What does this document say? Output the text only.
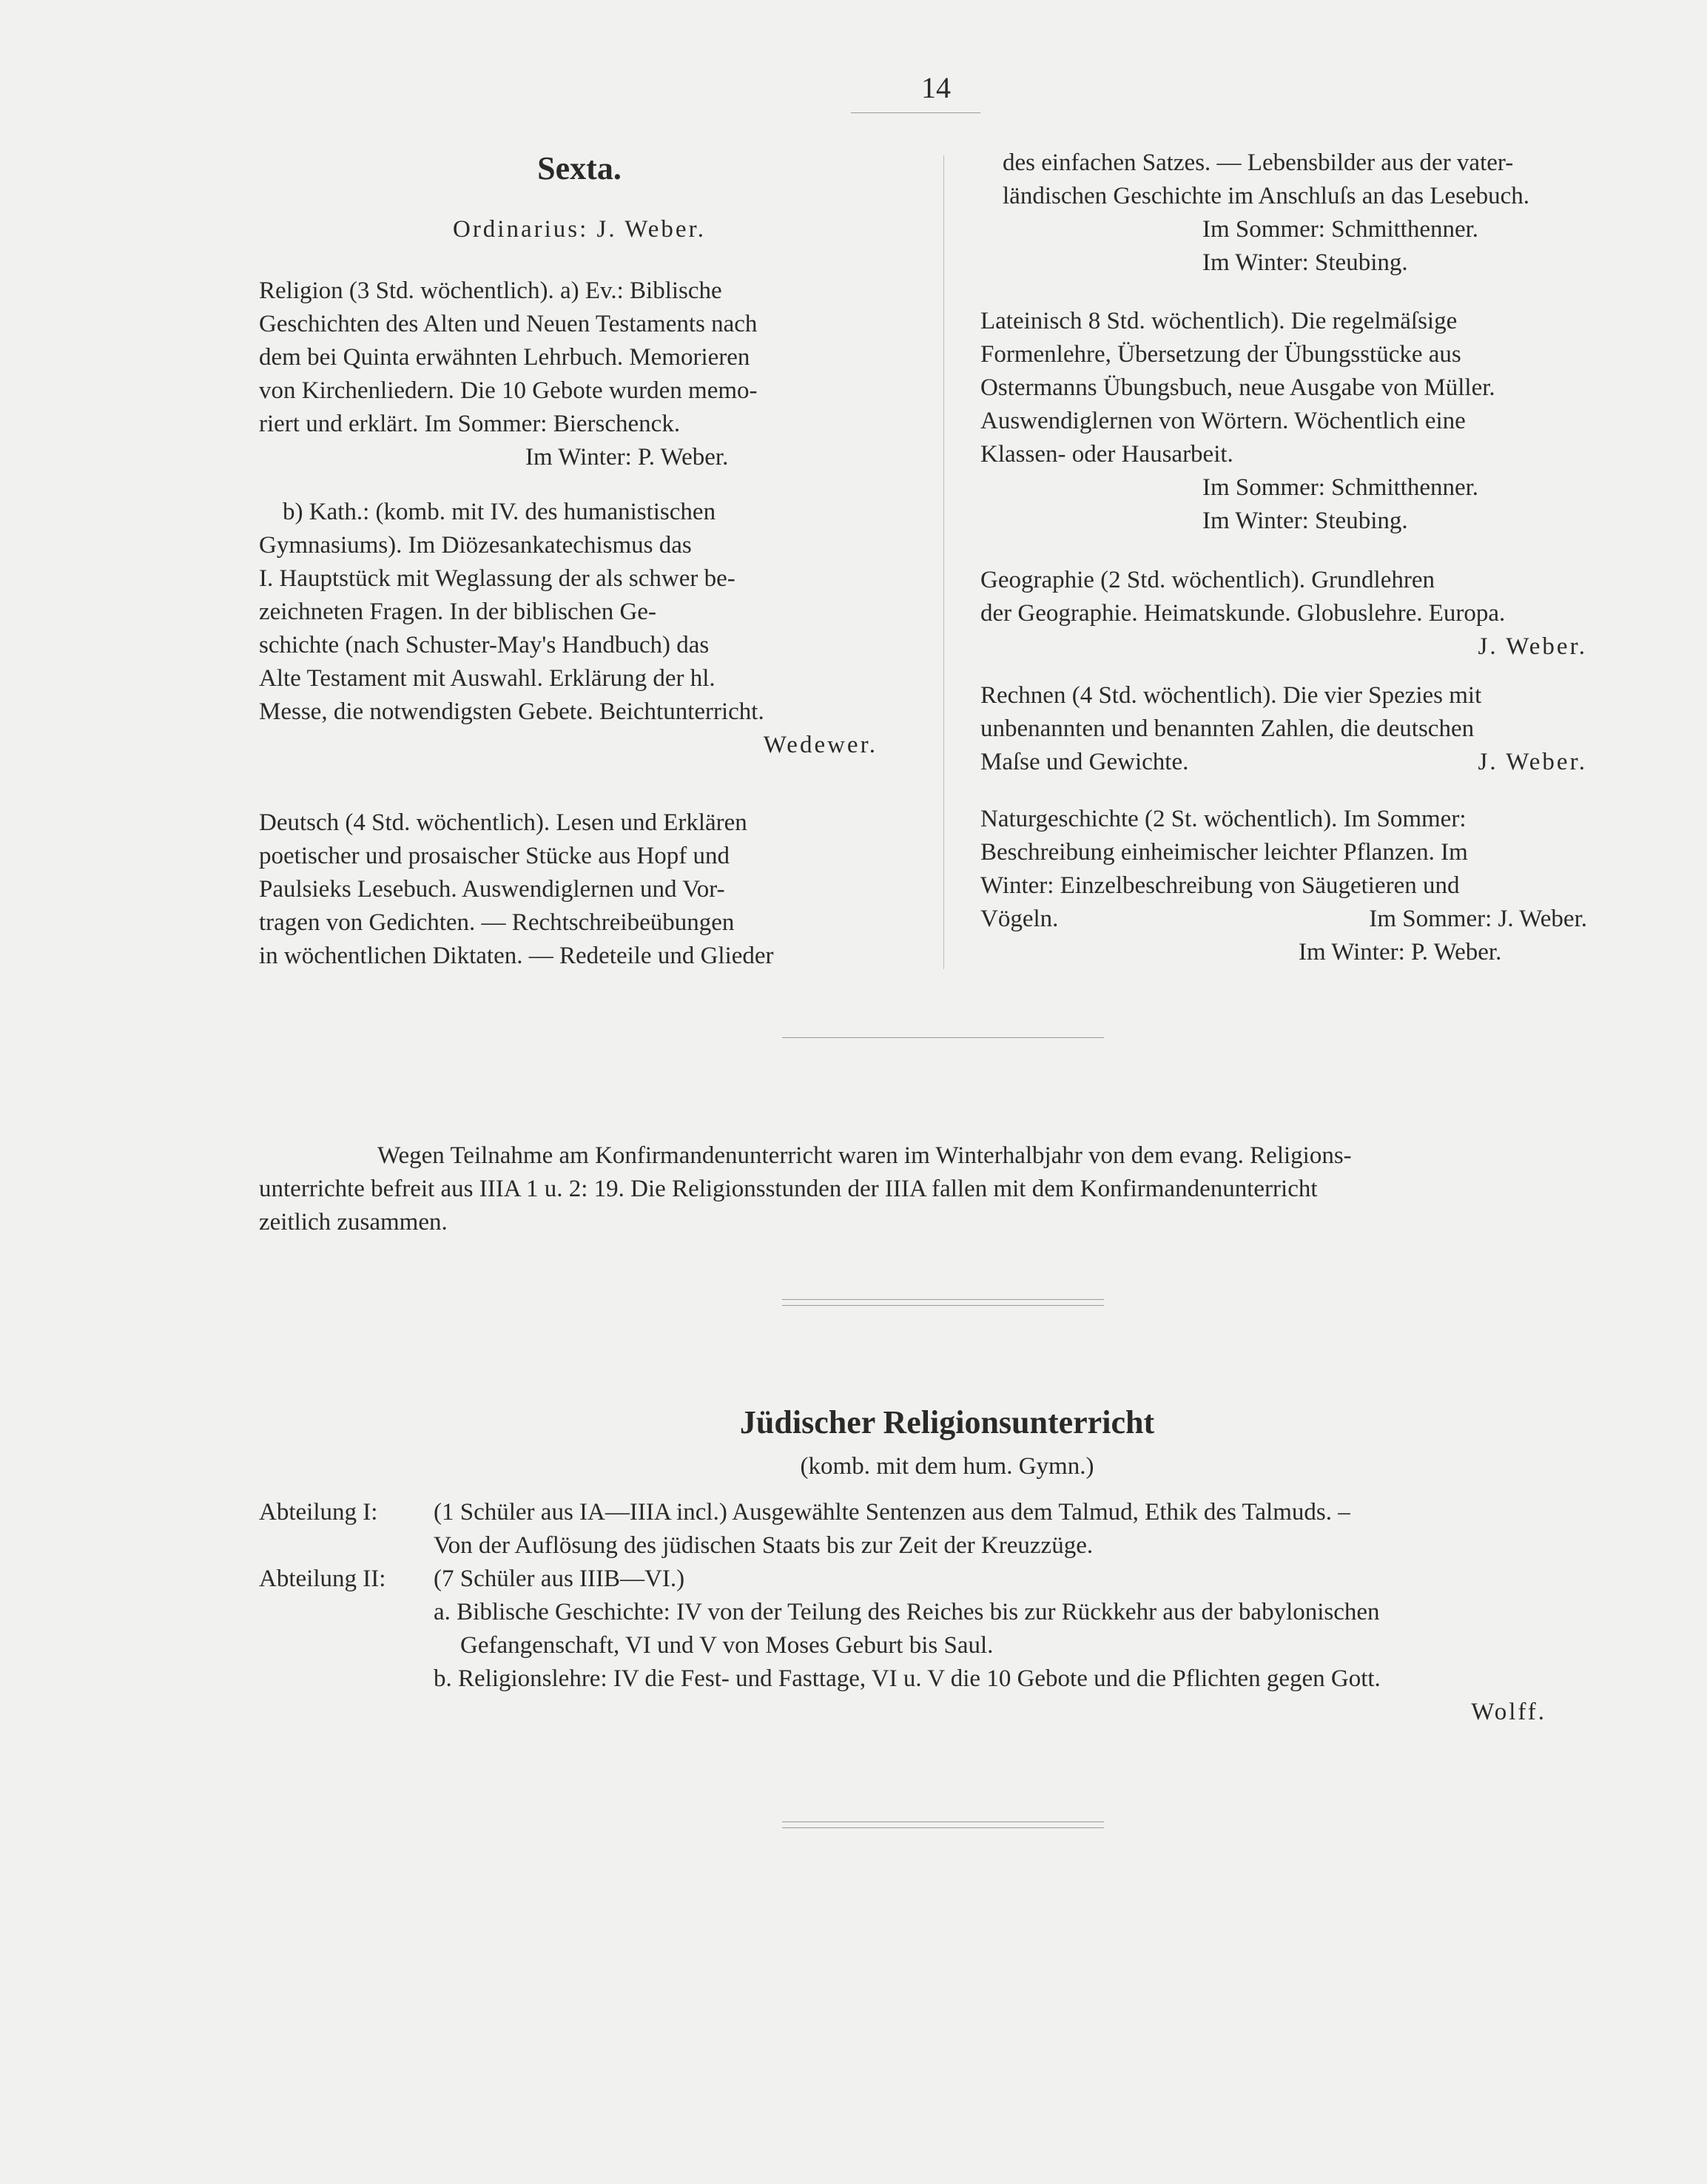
14
Sexta.
Ordinarius: J. Weber.
Religion (3 Std. wöchentlich). a) Ev.: Biblische
Geschichten des Alten und Neuen Testaments nach
dem bei Quinta erwähnten Lehrbuch. Memorieren
von Kirchenliedern. Die 10 Gebote wurden memo-
riert und erklärt. Im Sommer: Bierschenck.
Im Winter: P. Weber.
b) Kath.: (komb. mit IV. des humanistischen
Gymnasiums). Im Diözesankatechismus das
I. Hauptstück mit Weglassung der als schwer be-
zeichneten Fragen. In der biblischen Ge-
schichte (nach Schuster-May's Handbuch) das
Alte Testament mit Auswahl. Erklärung der hl.
Messe, die notwendigsten Gebete. Beichtunterricht.
Wedewer.
Deutsch (4 Std. wöchentlich). Lesen und Erklären
poetischer und prosaischer Stücke aus Hopf und
Paulsieks Lesebuch. Auswendiglernen und Vor-
tragen von Gedichten. — Rechtschreibeübungen
in wöchentlichen Diktaten. — Redeteile und Glieder
des einfachen Satzes. — Lebensbilder aus der vater-
ländischen Geschichte im Anschluſs an das Lesebuch.
Im Sommer: Schmitthenner.
Im Winter: Steubing.
Lateinisch 8 Std. wöchentlich). Die regelmäſsige
Formenlehre, Übersetzung der Übungsstücke aus
Ostermanns Übungsbuch, neue Ausgabe von Müller.
Auswendiglernen von Wörtern. Wöchentlich eine
Klassen- oder Hausarbeit.
Im Sommer: Schmitthenner.
Im Winter: Steubing.
Geographie (2 Std. wöchentlich). Grundlehren
der Geographie. Heimatskunde. Globuslehre. Europa.
J. Weber.
Rechnen (4 Std. wöchentlich). Die vier Spezies mit
unbenannten und benannten Zahlen, die deutschen
Maſse und Gewichte.	J. Weber.
Naturgeschichte (2 St. wöchentlich). Im Sommer:
Beschreibung einheimischer leichter Pflanzen. Im
Winter: Einzelbeschreibung von Säugetieren und
Vögeln.	Im Sommer: J. Weber.
Im Winter: P. Weber.
Wegen Teilnahme am Konfirmandenunterricht waren im Winterhalbjahr von dem evang. Religions-
unterrichte befreit aus IIIA 1 u. 2: 19. Die Religionsstunden der IIIA fallen mit dem Konfirmandenunterricht
zeitlich zusammen.
Jüdischer Religionsunterricht
(komb. mit dem hum. Gymn.)
Abteilung I: (1 Schüler aus IA—IIIA incl.) Ausgewählte Sentenzen aus dem Talmud, Ethik des Talmuds. –
Von der Auflösung des jüdischen Staats bis zur Zeit der Kreuzzüge.
Abteilung II: (7 Schüler aus IIIB—VI.)
a. Biblische Geschichte: IV von der Teilung des Reiches bis zur Rückkehr aus der babylonischen
Gefangenschaft, VI und V von Moses Geburt bis Saul.
b. Religionslehre: IV die Fest- und Fasttage, VI u. V die 10 Gebote und die Pflichten gegen Gott.
Wolff.
